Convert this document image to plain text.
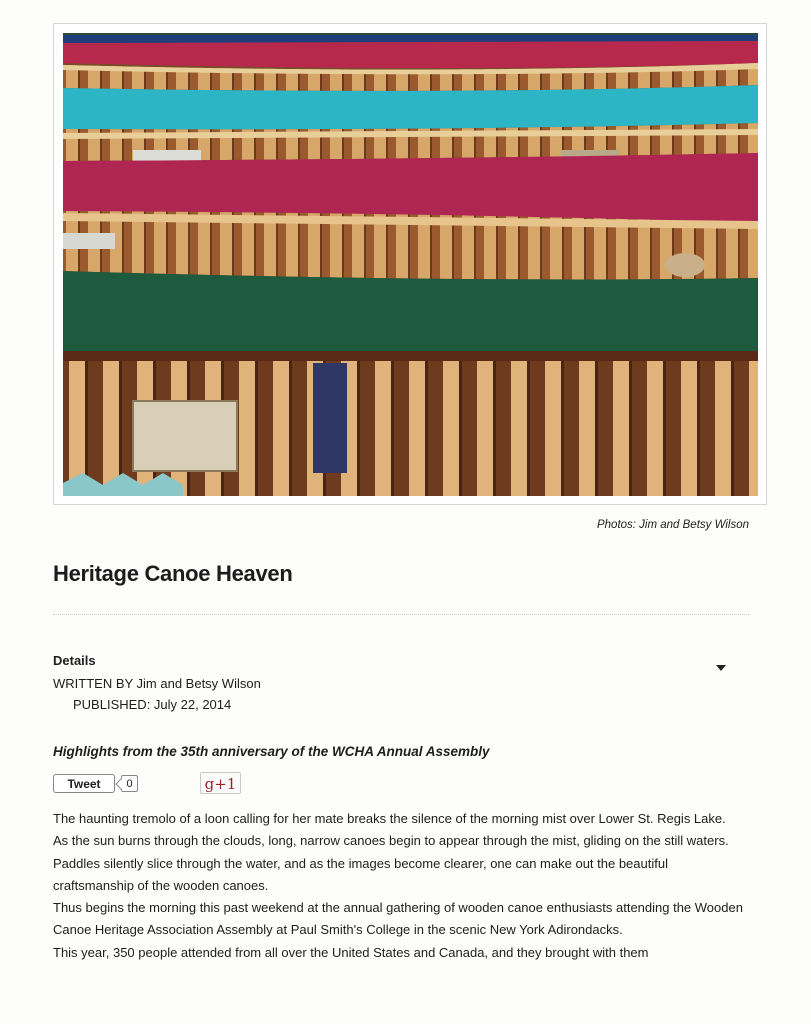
Photos: Jim and Betsy Wilson
Heritage Canoe Heaven
Details
WRITTEN BY Jim and Betsy Wilson
PUBLISHED: July 22, 2014
Highlights from the 35th anniversary of the WCHA Annual Assembly
Tweet	0	g+1

The haunting tremolo of a loon calling for her mate breaks the silence of the morning mist over Lower St. Regis Lake. As the sun burns through the clouds, long, narrow canoes begin to appear through the mist, gliding on the still waters. Paddles silently slice through the water, and as the images become clearer, one can make out the beautiful craftsmanship of the wooden canoes.

Thus begins the morning this past weekend at the annual gathering of wooden canoe enthusiasts attending the Wooden Canoe Heritage Association Assembly at Paul Smith's College in the scenic New York Adirondacks.

This year, 350 people attended from all over the United States and Canada, and they brought with them
